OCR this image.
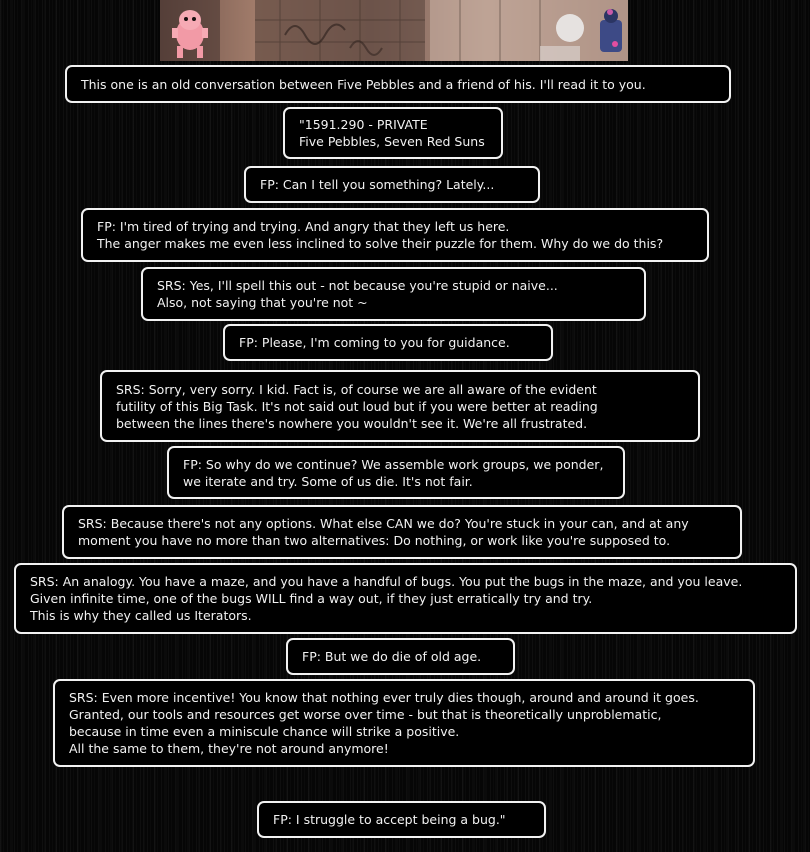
This one is an old conversation between Five Pebbles and a friend of his. I'll read it to you.
"1591.290 - PRIVATE
Five Pebbles, Seven Red Suns
FP: Can I tell you something? Lately...
FP: I'm tired of trying and trying. And angry that they left us here.
The anger makes me even less inclined to solve their puzzle for them. Why do we do this?
SRS: Yes, I'll spell this out - not because you're stupid or naive...
Also, not saying that you're not ~
FP: Please, I'm coming to you for guidance.
SRS: Sorry, very sorry. I kid. Fact is, of course we are all aware of the evident
futility of this Big Task. It's not said out loud but if you were better at reading
between the lines there's nowhere you wouldn't see it. We're all frustrated.
FP: So why do we continue? We assemble work groups, we ponder,
we iterate and try. Some of us die. It's not fair.
SRS: Because there's not any options. What else CAN we do? You're stuck in your can, and at any
moment you have no more than two alternatives: Do nothing, or work like you're supposed to.
SRS: An analogy. You have a maze, and you have a handful of bugs. You put the bugs in the maze, and you leave.
Given infinite time, one of the bugs WILL find a way out, if they just erratically try and try.
This is why they called us Iterators.
FP: But we do die of old age.
SRS: Even more incentive! You know that nothing ever truly dies though, around and around it goes.
Granted, our tools and resources get worse over time - but that is theoretically unproblematic,
because in time even a miniscule chance will strike a positive.
All the same to them, they're not around anymore!
FP: I struggle to accept being a bug."
